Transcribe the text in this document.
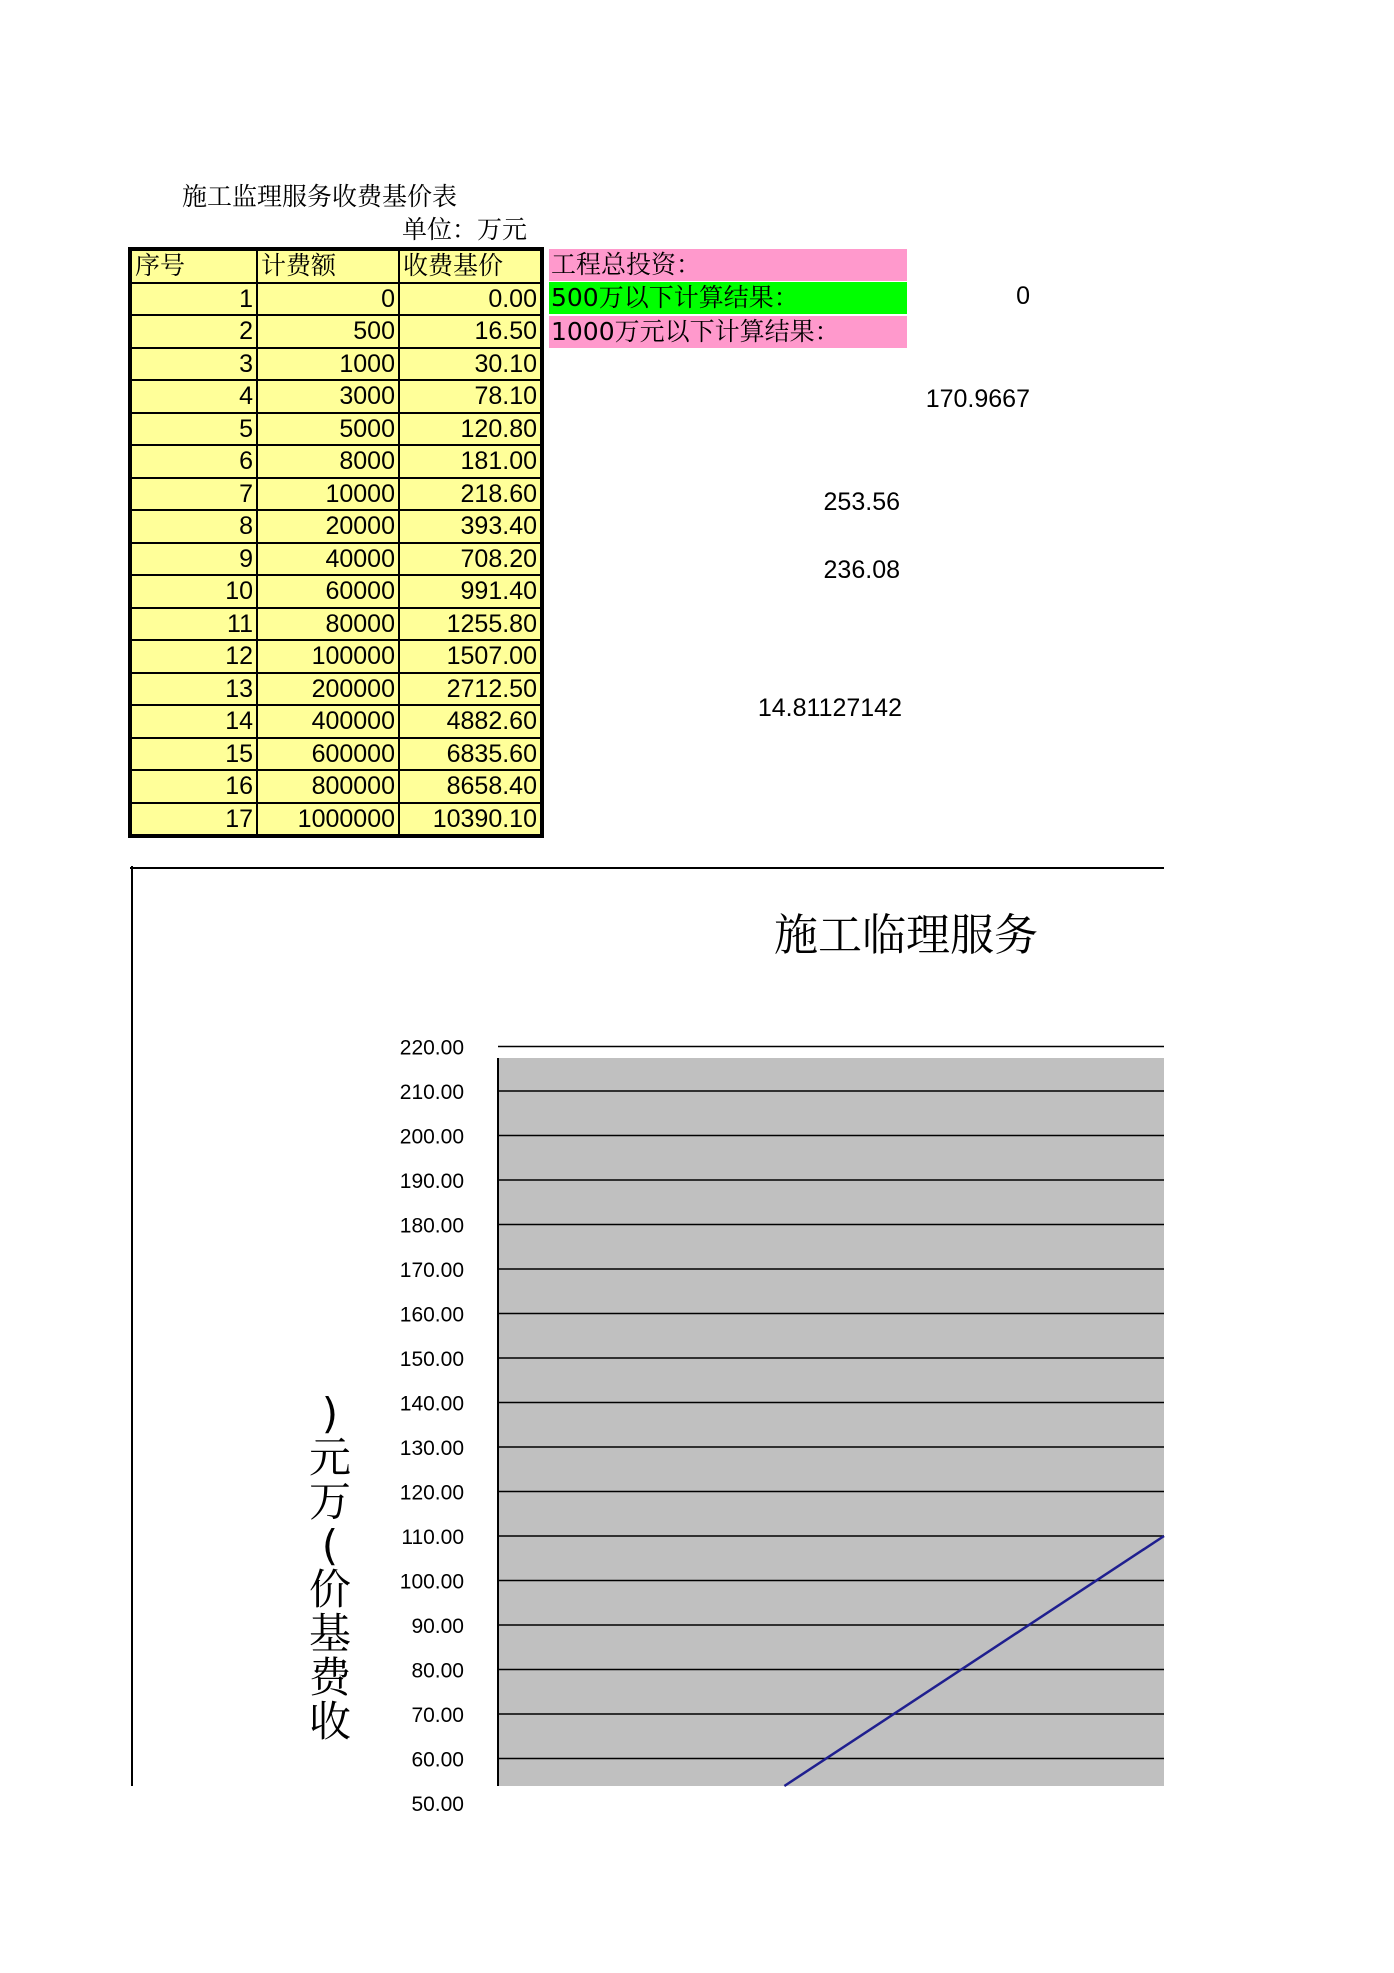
施工监理服务收费基价表
单位：万元
序号	计费额	收费基价
1	0	0.00
2	500	16.50
3	1000	30.10
4	3000	78.10
5	5000	120.80
6	8000	181.00
7	10000	218.60
8	20000	393.40
9	40000	708.20
10	60000	991.40
11	80000	1255.80
12	100000	1507.00
13	200000	2712.50
14	400000	4882.60
15	600000	6835.60
16	800000	8658.40
17	1000000	10390.10
工程总投资：
500万以下计算结果：
1000万元以下计算结果：
0
170.9667
253.56
236.08
14.81127142
施工临理服务
50.00
60.00
70.00
80.00
90.00
100.00
110.00
120.00
130.00
140.00
150.00
160.00
170.00
180.00
190.00
200.00
210.00
220.00
收
费
基
价
(
万
元
)
